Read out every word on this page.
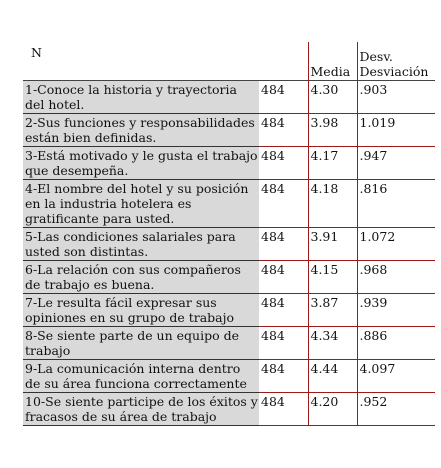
N		Media	Desv. Desviación
1-Conoce la historia y trayectoria del hotel.	484	4.30	.903
2-Sus funciones y responsabilidades están bien definidas.	484	3.98	1.019
3-Está motivado y le gusta el trabajo que desempeña.	484	4.17	.947
4-El nombre del hotel y su posición en la industria hotelera es gratificante para usted.	484	4.18	.816
5-Las condiciones salariales para usted son distintas.	484	3.91	1.072
6-La relación con sus compañeros de trabajo es buena.	484	4.15	.968
7-Le resulta fácil expresar sus opiniones en su grupo de trabajo	484	3.87	.939
8-Se siente parte de un equipo de trabajo	484	4.34	.886
9-La comunicación interna dentro de su área funciona correctamente	484	4.44	4.097
10-Se siente participe de los éxitos y fracasos de su área de trabajo	484	4.20	.952
